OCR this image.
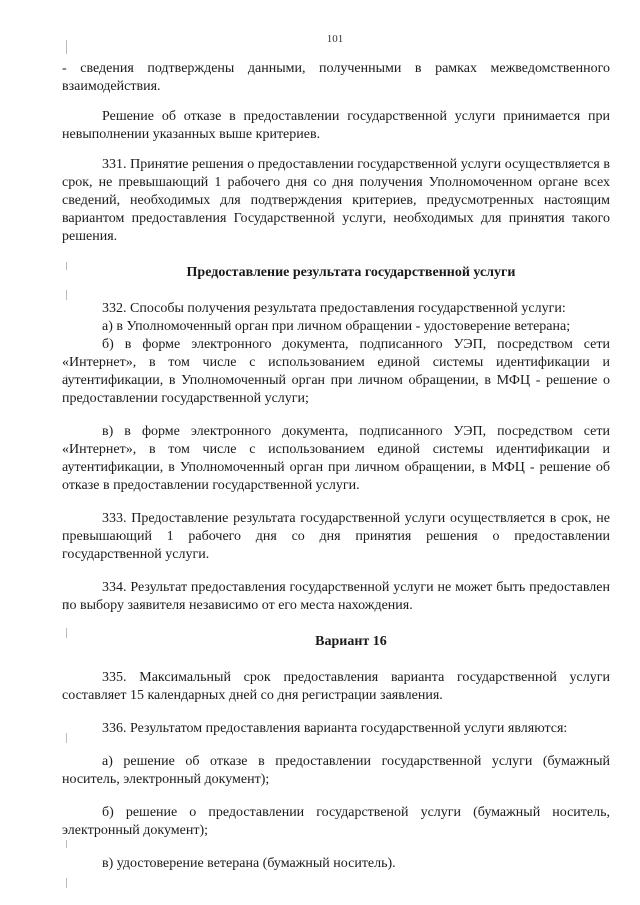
101

- сведения подтверждены данными, полученными в рамках межведомственного взаимодействия.

Решение об отказе в предоставлении государственной услуги принимается при невыполнении указанных выше критериев.

331. Принятие решения о предоставлении государственной услуги осуществляется в срок, не превышающий 1 рабочего дня со дня получения Уполномоченном органе всех сведений, необходимых для подтверждения критериев, предусмотренных настоящим вариантом предоставления Государственной услуги, необходимых для принятия такого решения.

Предоставление результата государственной услуги

332. Способы получения результата предоставления государственной услуги:

а) в Уполномоченный орган при личном обращении - удостоверение ветерана;

б) в форме электронного документа, подписанного УЭП, посредством сети «Интернет», в том числе с использованием единой системы идентификации и аутентификации, в Уполномоченный орган при личном обращении, в МФЦ - решение о предоставлении государственной услуги;

в) в форме электронного документа, подписанного УЭП, посредством сети «Интернет», в том числе с использованием единой системы идентификации и аутентификации, в Уполномоченный орган при личном обращении, в МФЦ - решение об отказе в предоставлении государственной услуги.

333. Предоставление результата государственной услуги осуществляется в срок, не превышающий 1 рабочего дня со дня принятия решения о предоставлении государственной услуги.

334. Результат предоставления государственной услуги не может быть предоставлен по выбору заявителя независимо от его места нахождения.

Вариант 16

335. Максимальный срок предоставления варианта государственной услуги составляет 15 календарных дней со дня регистрации заявления.

336. Результатом предоставления варианта государственной услуги являются:

а) решение об отказе в предоставлении государственной услуги (бумажный носитель, электронный документ);

б) решение о предоставлении государственой услуги (бумажный носитель, электронный документ);

в) удостоверение ветерана (бумажный носитель).
